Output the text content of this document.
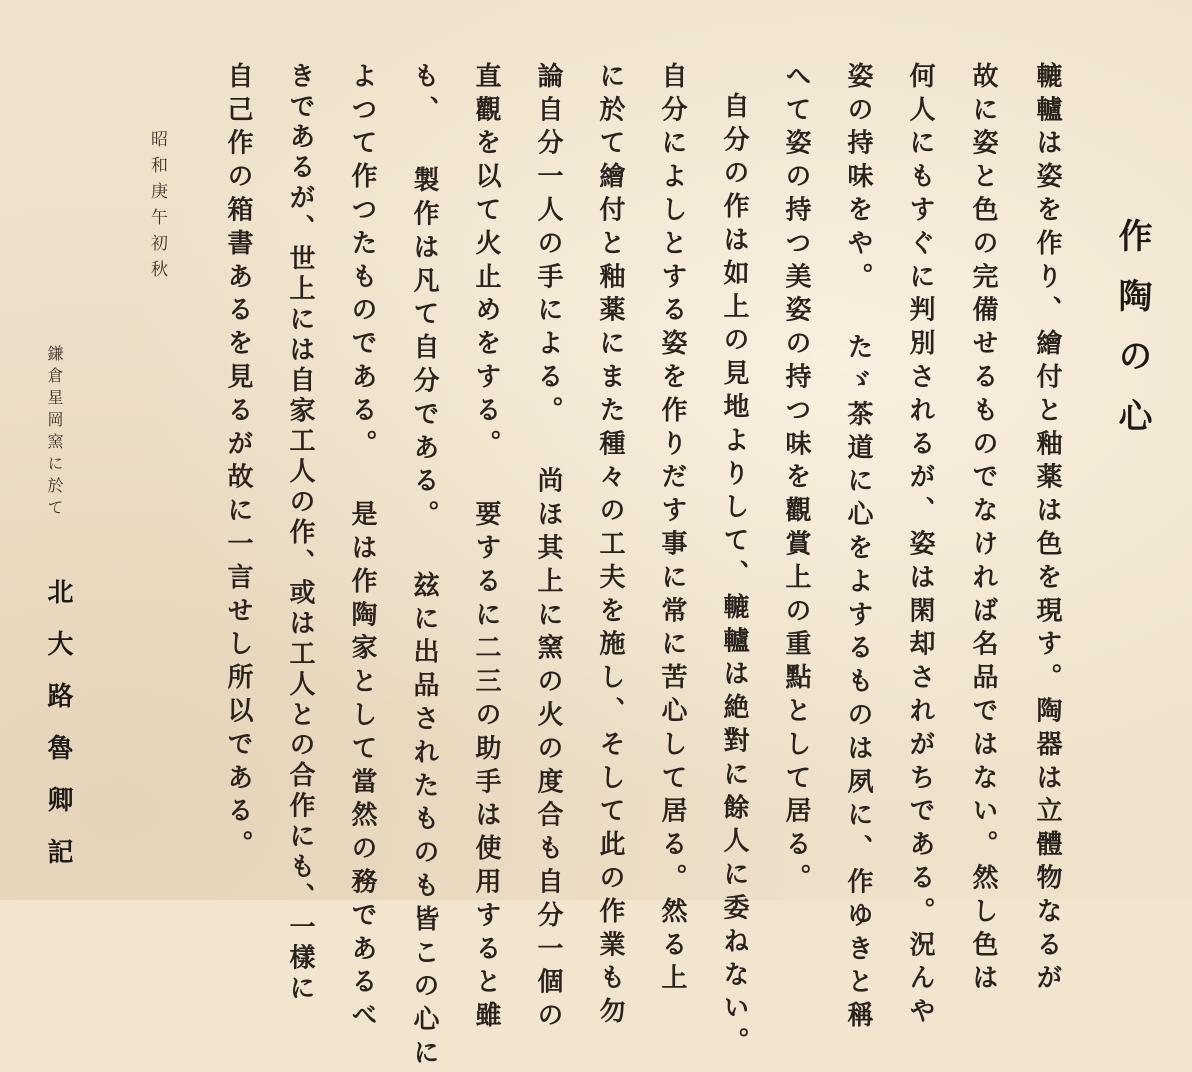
作陶の心

轆轤は姿を作り、繪付と釉薬は色を現す。陶器は立體物なるが

故に姿と色の完備せるものでなければ名品ではない。然し色は

何人にもすぐに判別されるが、姿は閑却されがちである。況んや

姿の持味をや。 たゞ茶道に心をよするものは夙に、作ゆきと稱

へて姿の持つ美姿の持つ味を觀賞上の重點として居る。

自分の作は如上の見地よりして、轆轤は絶對に餘人に委ねない。

自分によしとする姿を作りだす事に常に苦心して居る。然る上

に於て繪付と釉薬にまた種々の工夫を施し、そして此の作業も勿

論自分一人の手による。 尚ほ其上に窯の火の度合も自分一個の

直觀を以て火止めをする。 要するに二三の助手は使用すると雖

も、 製作は凡て自分である。 玆に出品されたものも皆この心に

よつて作つたものである。 是は作陶家として當然の務であるべ

きであるが、世上には自家工人の作、或は工人との合作にも、一樣に

自己作の箱書あるを見るが故に一言せし所以である。

昭和庚午初秋

鎌倉星岡窯に於て

北大路魯卿記
